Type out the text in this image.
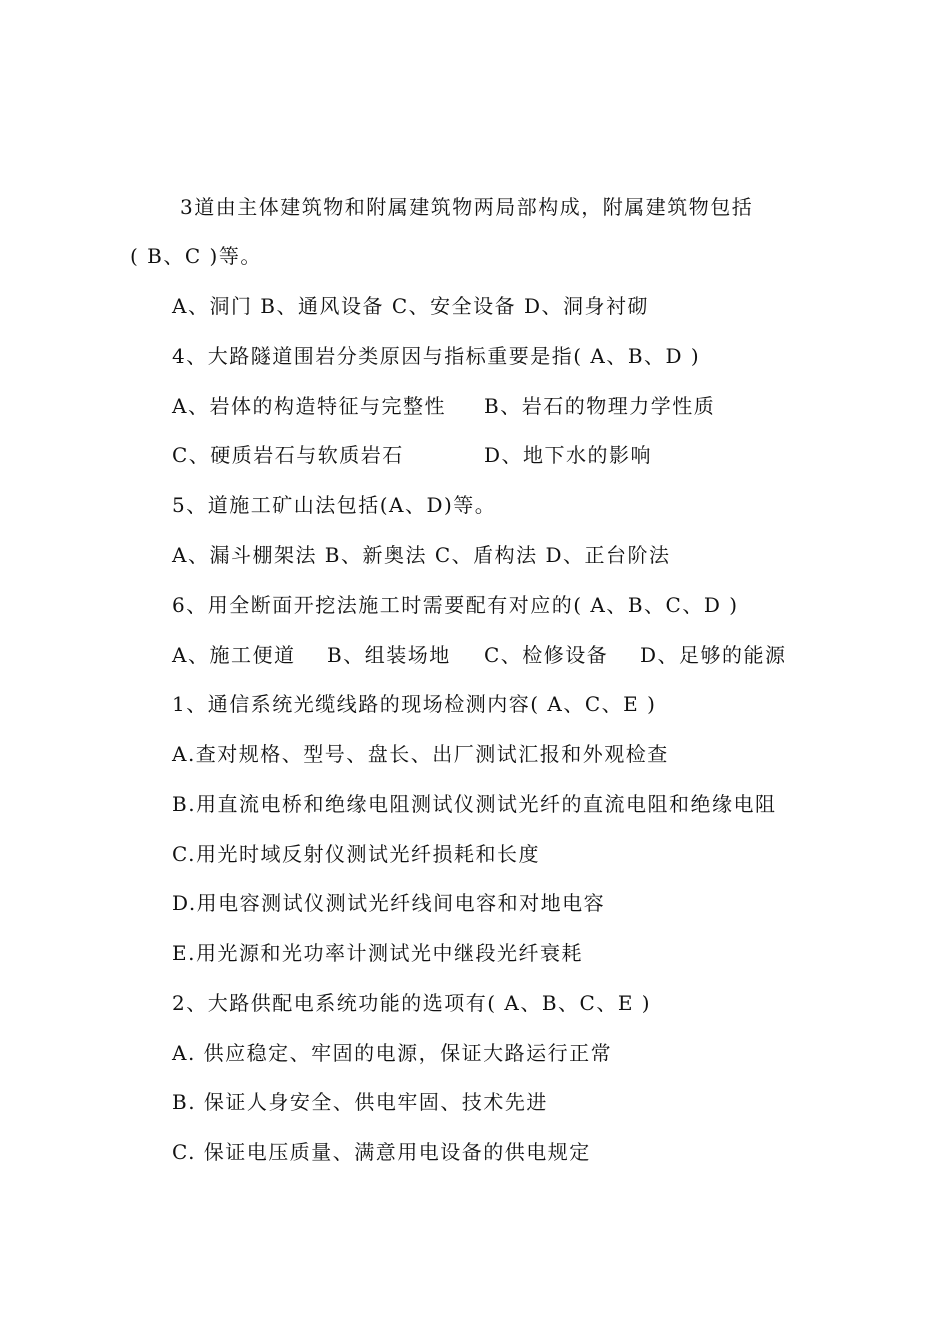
3道由主体建筑物和附属建筑物两局部构成，附属建筑物包括
( B、C )等。
A、洞门 B、通风设备 C、安全设备 D、洞身衬砌
4、大路隧道围岩分类原因与指标重要是指( A、B、D )
A、岩体的构造特征与完整性 B、岩石的物理力学性质
C、硬质岩石与软质岩石	D、地下水的影响
5、道施工矿山法包括(A、D)等。
A、漏斗棚架法 B、新奥法 C、盾构法 D、正台阶法
6、用全断面开挖法施工时需要配有对应的( A、B、C、D )
A、施工便道 B、组装场地 C、检修设备 D、足够的能源
1、通信系统光缆线路的现场检测内容( A、C、E )
A.查对规格、型号、盘长、出厂测试汇报和外观检查
B.用直流电桥和绝缘电阻测试仪测试光纤的直流电阻和绝缘电阻
C.用光时域反射仪测试光纤损耗和长度
D.用电容测试仪测试光纤线间电容和对地电容
E.用光源和光功率计测试光中继段光纤衰耗
2、大路供配电系统功能的选项有( A、B、C、E )
A. 供应稳定、牢固的电源，保证大路运行正常
B. 保证人身安全、供电牢固、技术先进
C. 保证电压质量、满意用电设备的供电规定
